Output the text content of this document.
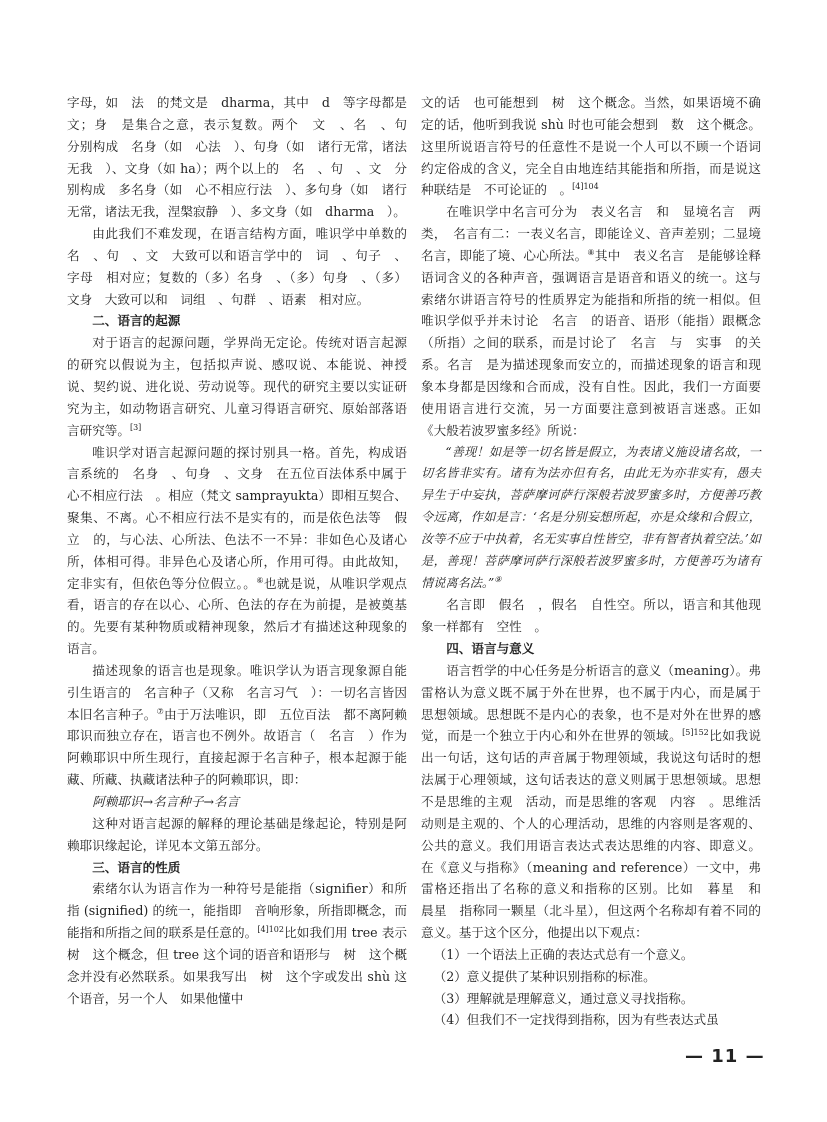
字母，如　法　的梵文是　dharma，其中　d　等字母都是　文；身　是集合之意，表示复数。两个　文　、名　、句　分别构成　名身（如　心法　）、句身（如　诸行无常，诸法无我　）、文身（如 ha）；两个以上的　名　、句　、文　分别构成　多名身（如　心不相应行法　）、多句身（如　诸行无常，诸法无我，涅槃寂静　）、多文身（如　dharma　）。

由此我们不难发现，在语言结构方面，唯识学中单数的　名　、句　、文　大致可以和语言学中的　词　、句子　、字母　相对应；复数的（多）名身　、（多）句身　、（多）文身　大致可以和　词组　、句群　、语素　相对应。

二、语言的起源

对于语言的起源问题，学界尚无定论。传统对语言起源的研究以假说为主，包括拟声说、感叹说、本能说、神授说、契约说、进化说、劳动说等。现代的研究主要以实证研究为主，如动物语言研究、儿童习得语言研究、原始部落语言研究等。[3]

唯识学对语言起源问题的探讨别具一格。首先，构成语言系统的　名身　、句身　、文身　在五位百法体系中属于　心不相应行法　。相应（梵文 samprayukta）即相互契合、聚集、不离。心不相应行法不是实有的，而是依色法等　假立　的，与心法、心所法、色法不一不异：非如色心及诸心所，体相可得。非异色心及诸心所，作用可得。由此故知，定非实有，但依色等分位假立。。⑥也就是说，从唯识学观点看，语言的存在以心、心所、色法的存在为前提，是被奠基的。先要有某种物质或精神现象，然后才有描述这种现象的语言。

描述现象的语言也是现象。唯识学认为语言现象源自能引生语言的　名言种子（又称　名言习气　）：一切名言皆因本旧名言种子。⑦由于万法唯识，即　五位百法　都不离阿赖耶识而独立存在，语言也不例外。故语言（　名言　）作为阿赖耶识中所生现行，直接起源于名言种子，根本起源于能藏、所藏、执藏诸法种子的阿赖耶识，即：

阿赖耶识→名言种子→名言

这种对语言起源的解释的理论基础是缘起论，特别是阿赖耶识缘起论，详见本文第五部分。

三、语言的性质

索绪尔认为语言作为一种符号是能指（signifier）和所指 (signified) 的统一，能指即　音响形象，所指即概念，而能指和所指之间的联系是任意的。$^{[4]102}$比如我们用 tree 表示　树　这个概念，但 tree 这个词的语音和语形与　树　这个概念并没有必然联系。如果我写出　树　这个字或发出 shù 这个语音，另一个人　如果他懂中

文的话　也可能想到　树　这个概念。当然，如果语境不确定的话，他听到我说 shù 时也可能会想到　数　这个概念。这里所说语言符号的任意性不是说一个人可以不顾一个语词约定俗成的含义，完全自由地连结其能指和所指，而是说这种联结是　不可论证的　。$^{[4]104}$

在唯识学中名言可分为　表义名言　和　显境名言　两类，　名言有二：一表义名言，即能诠义、音声差别；二显境名言，即能了境、心心所法。⑧其中　表义名言　是能够诠释语词含义的各种声音，强调语言是语音和语义的统一。这与索绪尔讲语言符号的性质界定为能指和所指的统一相似。但唯识学似乎并未讨论　名言　的语音、语形（能指）跟概念（所指）之间的联系，而是讨论了　名言　与　实事　的关系。名言　是为描述现象而安立的，而描述现象的语言和现象本身都是因缘和合而成，没有自性。因此，我们一方面要使用语言进行交流，另一方面要注意到被语言迷惑。正如《大般若波罗蜜多经》所说：

“善现！如是等一切名皆是假立，为表诸义施设诸名故，一切名皆非实有。诸有为法亦但有名，由此无为亦非实有，愚夫异生于中妄执，菩萨摩诃萨行深般若波罗蜜多时，方便善巧教令远离，作如是言：‘名是分别妄想所起，亦是众缘和合假立，汝等不应于中执着，名无实事自性皆空，非有智者执着空法。’如是，善现！菩萨摩诃萨行深般若波罗蜜多时，方便善巧为诸有情说离名法。”⑨

名言即　假名　，假名　自性空。所以，语言和其他现象一样都有　空性　。

四、语言与意义

语言哲学的中心任务是分析语言的意义（meaning）。弗雷格认为意义既不属于外在世界，也不属于内心，而是属于思想领域。思想既不是内心的表象，也不是对外在世界的感觉，而是一个独立于内心和外在世界的领域。$^{[5]152}$比如我说出一句话，这句话的声音属于物理领域，我说这句话时的想法属于心理领域，这句话表达的意义则属于思想领域。思想不是思维的主观　活动，而是思维的客观　内容　。思维活动则是主观的、个人的心理活动，思维的内容则是客观的、公共的意义。我们用语言表达式表达思维的内容、即意义。在《意义与指称》（meaning and reference）一文中，弗雷格还指出了名称的意义和指称的区别。比如　暮星　和　晨星　指称同一颗星（北斗星），但这两个名称却有着不同的意义。基于这个区分，他提出以下观点：

（1）一个语法上正确的表达式总有一个意义。

（2）意义提供了某种识别指称的标准。

（3）理解就是理解意义，通过意义寻找指称。

（4）但我们不一定找得到指称，因为有些表达式虽

— 11 —
